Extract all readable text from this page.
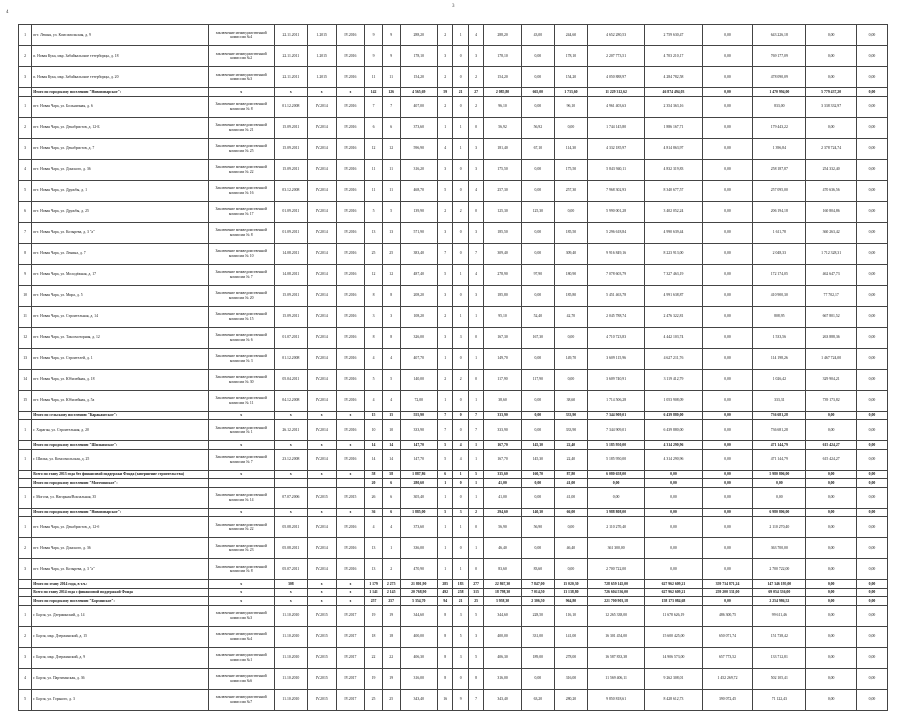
4
3
1	пгт. Лешня, ул. Комсомольская, д. 9	заключение межведомственной комиссии №4	22.11.2011	1.2015	IV.2016	9	9	288,20	2	1	4	288,20	43,00	244,60	4 652 280,53	2 759 630,47	0,00	643 226,18	0,00	0,00
2	п. Новая Кука, мкр. Забайкальские тетерборцы, д. 18	заключение межведомственной комиссии №2	22.11.2011	1.2015	IV.2016	9	9	178,10	3	0	3	178,10	0,00	178,10	2 207 773,51	4 703 210,17	0,00	769 177,09	0,00	0,00
3	п. Новая Кука, мкр. Забайкальские тетерборцы, д. 20	заключение межведомственной комиссии №3	22.11.2011	1.2015	IV.2016	11	11	154,20	2	0	2	154,20	0,00	154,20	4 050 888,97	4 284 782,58	0,00	478 090,09	0,00	0,00
	Итого по городскому поселению "Новоповарское":	x	x	x	x	142	126	4 565,69	59	21	27	2 085,80	665,00	1 733,60	11 229 312,62	46 874 494,03	0,00	1 470 994,00	5 779 437,20	0,00
1	пгт. Новая Чара, ул. Больничная, д. 6	Заключение межведомственной комиссии № 8	01.12.2008	IV.2014	IV.2016	7	7	407,00	2	0	2	96,10	0,00	96,10	4 961 403,63	2 354 363,16	0,00	833,00	3 338 332,97	0,00
2	пгт. Новая Чара, ул. Декабристов, д. 12-Б	Заключение межведомственной комиссии № 21	15.09.2011	IV.2014	IV.2016	6	6	373,60	1	1	0	56,92	56,92	0,00	1 744 145,80	1 886 167,71	0,00	179 443,22	0,00	0,00
3	пгт. Новая Чара, ул. Декабристов, д. 7	Заключение межведомственной комиссии № 25	15.09.2011	IV.2014	IV.2016	12	12	596,90	4	1	3	181,40	67,10	114,30	4 332 185,97	4 814 863,97	0,00	1 396,84	2 378 724,74	0,00
4	пгт. Новая Чара, ул. Донского, д. 36	Заключение межведомственной комиссии № 22	15.09.2011	IV.2014	IV.2016	11	11	316,20	3	0	3	175,50	0,00	175,50	5 843 940,11	4 832 319,83	0,00	258 187,87	254 332,40	0,00
5	пгт. Новая Чара, ул. Дружбы, д. 1	Заключение межведомственной комиссии № 16	03.12.2008	IV.2014	IV.2016	11	11	468,70	5	0	4	257,30	0,00	257,30	7 968 302,93	8 340 677,57	0,00	257 095,00	470 636,56	0,00
6	пгт. Новая Чара, ул. Дружбы, д. 25	Заключение межведомственной комиссии № 17	01.09.2011	IV.2014	IV.2016	5	5	139,90	2	2	0	125,30	125,30	0,00	5 990 001,28	3 402 052,24	0,00	206 194,18	160 804,86	0,00
7	пгт. Новая Чара, ул. Козырева, д. 3 "а"	Заключение межведомственной комиссии № 8	01.09.2011	IV.2014	IV.2016	13	13	571,90	3	0	3	185,50	0,00	185,50	5 296 618,84	4 990 639,44	0,00	1 611,78	360 263,42	0,00
8	пгт. Новая Чара, ул. Ленина, д. 7	Заключение межведомственной комиссии № 10	14.08.2011	IV.2014	IV.2016	25	25	383,40	7	0	7	309,40	0,00	309,40	9 916 849,16	8 223 913,00	0,00	2 048,33	1 712 328,31	0,00
9	пгт. Новая Чара, ул. Молодёжная, д. 17	Заключение межведомственной комиссии № 7	14.08.2011	IV.2014	IV.2016	12	12	487,40	5	1	4	278,90	97,90	180,90	7 078 603,79	7 327 463,19	0,00	172 174,05	462 647,73	0,00
10	пгт. Новая Чара, ул. Мира, д. 5	Заключение межведомственной комиссии № 20	15.09.2011	IV.2014	IV.2016	8	8	208,20	3	0	3	185,80	0,00	185,80	5 451 463,78	4 991 638,87	0,00	410 900,30	77 702,17	0,00
11	пгт. Новая Чара, ул. Строительная, д. 14	Заключение межведомственной комиссии № 15	15.09.2011	IV.2014	IV.2016	3	3	108,20	2	1	1	95,10	52,40	42,70	2 045 788,74	2 476 322,81	0,00	808,95	667 801,52	0,00
12	пгт. Новая Чара, ул. Таксомоторная, д. 12	Заключение межведомственной комиссии № 6	01.07.2011	IV.2014	IV.2016	8	8	326,00	3	3	0	167,30	167,30	0,00	4 710 723,83	4 442 103,74	0,00	1 533,56	263 888,36	0,00
13	пгт. Новая Чара, ул. Строителей, д. 1	Заключение межведомственной комиссии № 3	01.12.2008	IV.2014	IV.2016	4	4	407,70	1	0	1	149,70	0,00	149,70	3 609 115,96	4 627 211,76	0,00	114 198,26	1 467 724,00	0,00
14	пгт. Новая Чара, ул. Юбилейная, д. 18	Заключение межведомственной комиссии № 30	05.04.2011	IV.2014	IV.2016	5	5	140,00	2	2	0	117,90	117,90	0,00	3 609 740,91	3 119 412,79	0,00	1 026,42	329 904,21	0,00
15	пгт. Новая Чара, ул. Юбилейная, д. 5а	Заключение межведомственной комиссии № 11	04.12.2008	IV.2014	IV.2016	4	4	72,00	1	0	1	38,60	0,00	38,60	1 714 506,28	1 053 908,09	0,00	333,31	739 173,82	0,00
	Итого по сельскому поселению "Каракангское":	x	x	x	x	15	15	555,90	7	0	7	333,90	0,00	333,90	7 344 909,01	6 439 880,00	0,00	736 681,28	0,00	0,00
1	г. Хараган, ул. Строительная, д. 20	Заключение межведомственной комиссии № 1	26.12.2011	IV.2014	IV.2016	10	10	333,90	7	0	7	333,90	0,00	333,90	7 344 909,01	6 439 880,00	0,00	736 681,28	0,00	0,00
	Итого по городскому поселению "Шилкинское":	x	x	x	x	14	14	147,70	5	4	1	167,70	145,30	22,40	5 185 950,00	4 314 290,96	0,00	471 144,79	615 424,27	0,00
1	г. Шилка, ул. Комсомольская, д. 25	Заключение межведомственной комиссии № 7	23.12.2008	IV.2014	IV.2016	14	14	147,70	5	4	1	167,70	145,30	22,40	5 185 950,00	4 314 290,96	0,00	471 144,79	615 424,27	0,00
	Всего по этапу 2013 года без финансовой поддержки Фонда (завершение строительства)	x	x	x	x	58	58	1 887,86	6	1	5	335,60	160,70	87,80	6 080 658,00	0,00	0,00	5 980 806,00	0,00	0,00
	Итого по городскому поселению "Могочинское":					20	6	280,60	1	0	1	41,00	0,00	41,00	0,00	0,00	0,00	0,00	0,00	0,00
1	г. Могоча, ул. Нагорная/Вокзальная, 35	Заключение межведомственной комиссии № 14	07.07.2006	IV.2015	IV.2015	26	6	305,40	1	0	1	41,00	0,00	41,00	0,00	0,00	0,00	0,00	0,00	0,00
	Итого по городскому поселению "Новоповарское":	x	x	x	x	36	6	1 885,00	5	3	2	294,60	140,30	66,00	3 988 808,00	0,00	0,00	6 980 806,00	0,00	0,00
1	пгт. Новая Чара, ул. Декабристов, д. 12-б	Заключение межведомственной комиссии № 22	05.08.2011	IV.2014	IV.2016	4	4	373,60	1	1	0	56,90	56,90	0,00	2 110 270,40	0,00	0,00	2 110 270,40	0,00	0,00
2	пгт. Новая Чара, ул. Донского, д. 36	Заключение межведомственной комиссии № 23	05.08.2011	IV.2014	IV.2016	13	1	336,00	1	0	1	46,40	0,00	46,40	361 300,00	0,00	0,00	363 700,00	0,00	0,00
3	пгт. Новая Чара, ул. Козырева, д. 3 "а"	Заключение межведомственной комиссии № 8	05.07.2011	IV.2014	IV.2016	13	2	470,90	1	1	0	83,60	83,60	0,00	2 700 722,00	0,00	0,00	2 700 722,00	0,00	0,00
	Итого по этапу 2014 года, в т.ч.:	x	308	x	x	1 179	2 275	21 801,90	285	183	277	22 867,30	7 847,00	15 020,30	728 659 145,00	627 962 609,21	359 734 871,24	147 346 195,00	0,00	0,00
	Всего по этапу 2014 года с финансовой поддержкой Фонда	x	x	x	x	1 141	2 145	20 768,90	492	258	315	18 798,30	7 014,50	13 138,80	726 604 536,00	627 962 609,21	259 200 331,00	69 054 336,00	0,00	0,00
	Итого по городскому поселению "Борзинское":	x	x	x	x	257	257	5 354,70	94	21	25	3 958,30	2 306,50	964,80	221 700 903,18	158 173 084,68	0,00	2 254 986,52	0,00	0,00
1	г. Борзя, ул. Дзержинский, д. 14	заключение межведомственной комиссии №3	11.10.2010	IV.2015	IV.2017	19	19	344,60	8	3	5	344,60	228,50	116,10	12 265 338,00	11 678 626,19	486 300,75	99 611,46	0,00	0,00
2	г. Борзя, мкр. Дзержинский, д. 15	заключение межведомственной комиссии №4	11.10.2010	IV.2015	IV.2017	18	18	400,00	8	5	3	400,00	331,00	141,00	16 301 454,00	15 600 425,00	650 071,74	151 738,42	0,00	0,00
3	г. Борзя, мкр. Дзержинский, д. 9	заключение межведомственной комиссии №1	11.10.2010	IV.2015	IV.2017	22	22	406,30	8	3	5	406,30	189,00	278,00	16 587 833,38	14 906 573,00	657 773,52	133 712,81	0,00	0,00
4	г. Борзя, ул. Партизанская, д. 36	заключение межведомственной комиссии №6	11.10.2010	IV.2015	IV.2017	19	19	316,00	8	0	8	316,00	0,00	316,00	11 569 406,11	9 262 308,01	1 452 269,72	502 105,41	0,00	0,00
5	г. Борзя, ул. Горького, д. 3	заключение межведомственной комиссии №7	11.10.2010	IV.2015	IV.2017	25	25	343,40	16	9	7	343,40	63,20	280,20	9 850 818,61	8 428 612,73	390 072,45	71 122,43	0,00	0,00
